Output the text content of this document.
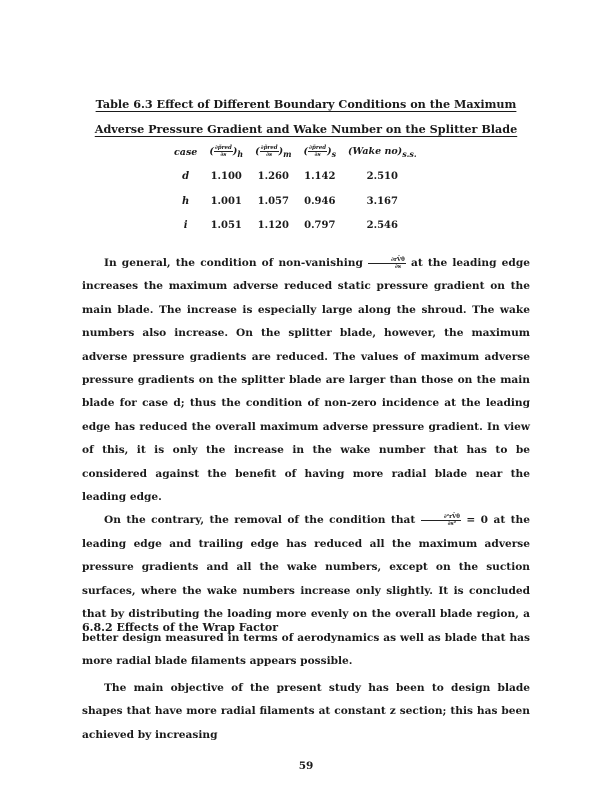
Table 6.3 Effect of Different Boundary Conditions on the Maximum
Adverse Pressure Gradient and Wake Number on the Splitter Blade
case	( $\frac{\text{∂p̃red}}{\partial s} )_h$	( $\frac{\text{∂p̃red}}{\partial s} )_m$	( $\frac{\text{∂p̃red}}{\partial s} )_s$	(Wake $no)_{s.s.}$
d	1.100	1.260	1.142	2.510
h	1.001	1.057	0.946	3.167
i	1.051	1.120	0.797	2.546

In general, the condition of non-vanishing $\frac{\partial rV̄\theta}{\partial s}$ at the leading edge increases the maximum adverse reduced static pressure gradient on the main blade. The increase is especially large along the shroud. The wake numbers also increase. On the splitter blade, however, the maximum adverse pressure gradients are reduced. The values of maximum adverse pressure gradients on the splitter blade are larger than those on the main blade for case d; thus the condition of non-zero incidence at the leading edge has reduced the overall maximum adverse pressure gradient. In view of this, it is only the increase in the wake number that has to be considered against the benefit of having more radial blade near the leading edge.

On the contrary, the removal of the condition that $\frac{\text{∂²rV̄θ}}{\text{∂s²}} = 0$ at the leading edge and trailing edge has reduced all the maximum adverse pressure gradients and all the wake numbers, except on the suction surfaces, where the wake numbers increase only slightly. It is concluded that by distributing the loading more evenly on the overall blade region, a better design measured in terms of aerodynamics as well as blade that has more radial blade filaments appears possible.

6.8.2 Effects of the Wrap Factor

The main objective of the present study has been to design blade shapes that have more radial filaments at constant z section; this has been achieved by increasing

59
